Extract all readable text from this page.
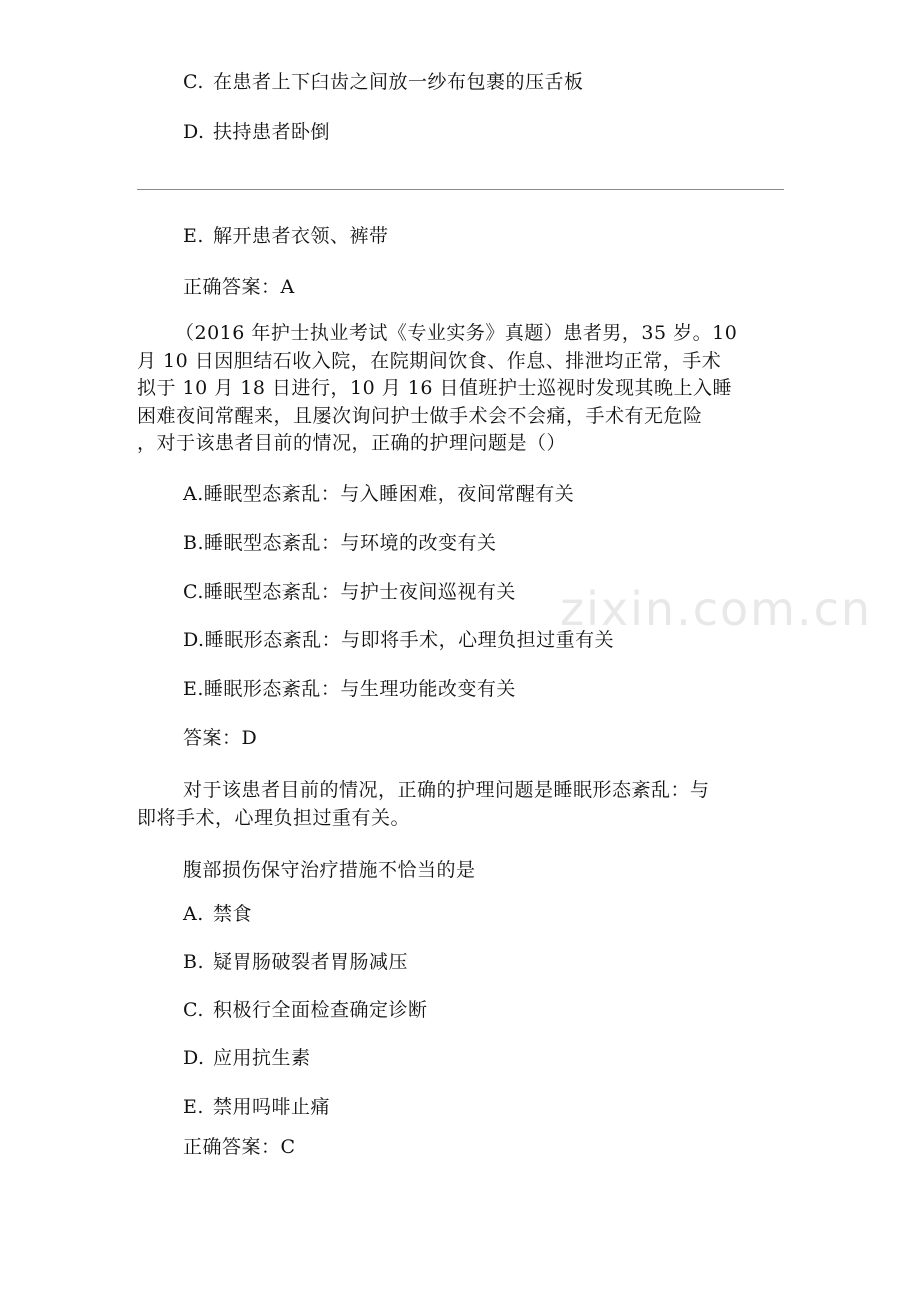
C. 在患者上下臼齿之间放一纱布包裹的压舌板
D. 扶持患者卧倒
E. 解开患者衣领、裤带
正确答案：A
（2016 年护士执业考试《专业实务》真题）患者男，35 岁。10
月 10 日因胆结石收入院，在院期间饮食、作息、排泄均正常，手术
拟于 10 月 18 日进行，10 月 16 日值班护士巡视时发现其晚上入睡
困难夜间常醒来，且屡次询问护士做手术会不会痛，手术有无危险
，对于该患者目前的情况，正确的护理问题是（）
A.睡眠型态紊乱：与入睡困难，夜间常醒有关
B.睡眠型态紊乱：与环境的改变有关
C.睡眠型态紊乱：与护士夜间巡视有关
D.睡眠形态紊乱：与即将手术，心理负担过重有关
E.睡眠形态紊乱：与生理功能改变有关
答案：D
对于该患者目前的情况，正确的护理问题是睡眠形态紊乱：与
即将手术，心理负担过重有关。
腹部损伤保守治疗措施不恰当的是
A. 禁食
B. 疑胃肠破裂者胃肠减压
C. 积极行全面检查确定诊断
D. 应用抗生素
E. 禁用吗啡止痛
正确答案：C
zixin.com.cn
